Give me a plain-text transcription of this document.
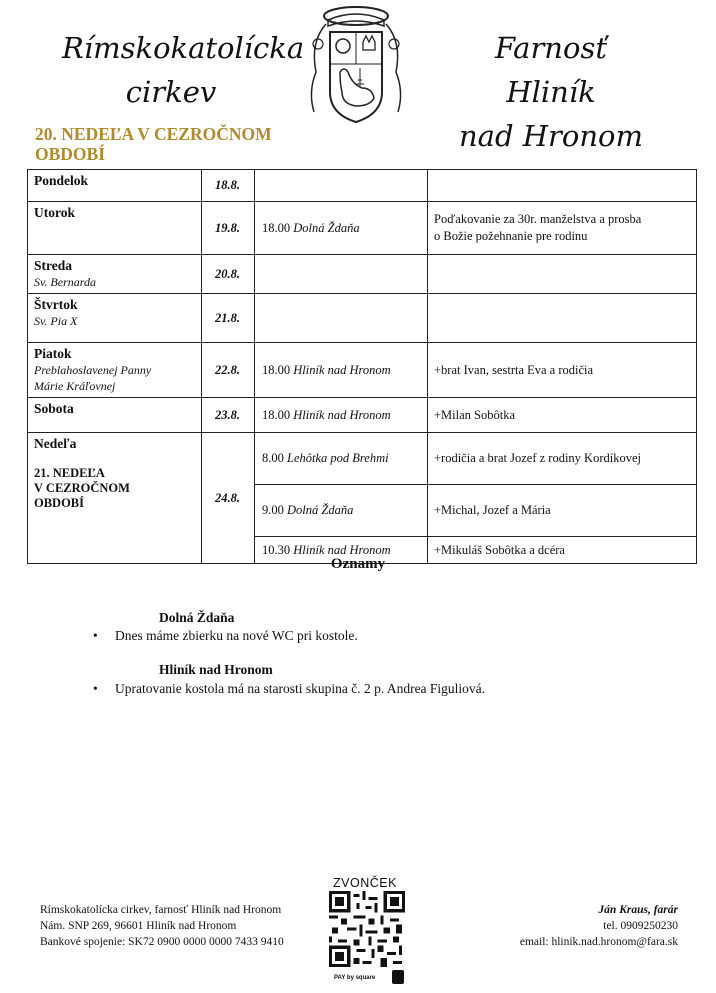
Rímskokatolícka
cirkev
Farnosť Hliník
nad Hronom
20. NEDEĽA V CEZROČNOM
OBDOBÍ
Pondelok	18.8.		

Utorok	19.8.	18.00 Dolná Ždaňa	Poďakovanie za 30r. manželstva a prosba
o Božie požehnanie pre rodinu

Streda
Sv. Bernarda	20.8.		

Štvrtok
Sv. Pia X	21.8.		

Piatok
Preblahoslavenej Panny
Márie Kráľovnej	22.8.	18.00 Hliník nad Hronom	+brat Ivan, sestrta Eva a rodičia

Sobota	23.8.	18.00 Hliník nad Hronom	+Milan Sobôtka

Nedeľa
21. NEDEĽA
V CEZROČNOM
OBDOBÍ	24.8.	8.00 Lehôtka pod Brehmi	+rodičia a brat Jozef z rodiny Kordíkovej
		9.00 Dolná Ždaňa	+Michal, Jozef a Mária
		10.30 Hliník nad Hronom	+Mikuláš Sobôtka a dcéra
Oznamy
Dolná Ždaňa
• Dnes máme zbierku na nové WC pri kostole.
Hliník nad Hronom
• Upratovanie kostola má na starosti skupina č. 2 p. Andrea Figuliová.
Rímskokatolícka cirkev, farnosť Hliník nad Hronom
Nám. SNP 269, 96601 Hliník nad Hronom
Bankové spojenie: SK72 0900 0000 0000 7433 9410
ZVONČEK
PAY by square
Ján Kraus, farár
tel. 0909250230
email: hlinik.nad.hronom@fara.sk
